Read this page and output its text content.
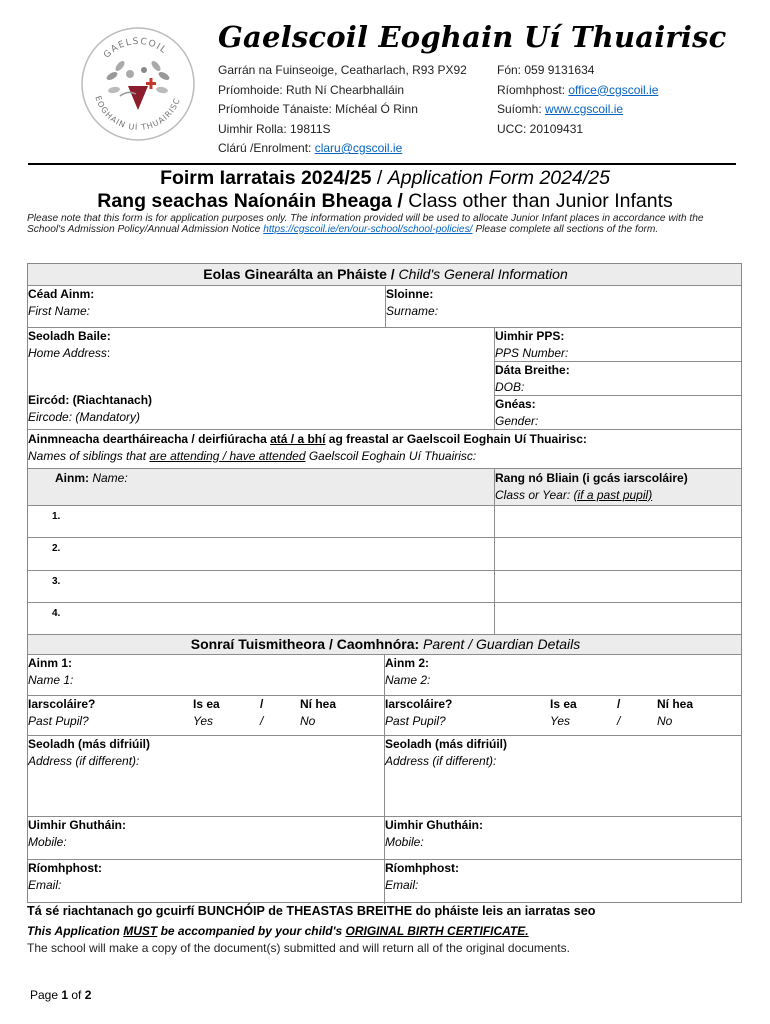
GAELSCOIL
EOGHAIN UÍ THUAIRISC
Gaelscoil Eoghain Uí Thuairisc
Garrán na Fuinseoige, Ceatharlach, R93 PX92
Príomhoide: Ruth Ní Chearbhalláin
Príomhoide Tánaiste: Míchéal Ó Rinn
Uimhir Rolla: 19811S
Clárú /Enrolment: claru@cgscoil.ie
Fón: 059 9131634
Ríomhphost: office@cgscoil.ie
Suíomh: www.cgscoil.ie
UCC: 20109431
Foirm Iarratais 2024/25 / Application Form 2024/25
Rang seachas Naíonáin Bheaga / Class other than Junior Infants
Please note that this form is for application purposes only. The information provided will be used to allocate Junior Infant places in accordance with the School's Admission Policy/Annual Admission Notice https://cgscoil.ie/en/our-school/school-policies/ Please complete all sections of the form.
Eolas Ginearálta an Pháiste / Child's General Information
Céad Ainm:
First Name:
Sloinne:
Surname:
Seoladh Baile:
Home Address:
Eircód: (Riachtanach)
Eircode: (Mandatory)
Uimhir PPS:
PPS Number:
Dáta Breithe:
DOB:
Gnéas:
Gender:
Ainmneacha deartháireacha / deirfiúracha atá / a bhí ag freastal ar Gaelscoil Eoghain Uí Thuairisc:
Names of siblings that are attending / have attended Gaelscoil Eoghain Uí Thuairisc:
Ainm: Name:	Rang nó Bliain (i gcás iarscoláire)
Class or Year: (if a past pupil)
1.
2.
3.
4.
Sonraí Tuismitheora / Caomhnóra: Parent / Guardian Details
Ainm 1:
Name 1:
Ainm 2:
Name 2:
Iarscoláire?
Past Pupil?
Is ea
Yes
/
/
Ní hea
No
Iarscoláire?
Past Pupil?
Is ea
Yes
/
/
Ní hea
No
Seoladh (más difriúil)
Address (if different):
Seoladh (más difriúil)
Address (if different):
Uimhir Ghutháin:
Mobile:
Uimhir Ghutháin:
Mobile:
Ríomhphost:
Email:
Ríomhphost:
Email:
Tá sé riachtanach go gcuirfí BUNCHÓIP de THEASTAS BREITHE do pháiste leis an iarratas seo
This Application MUST be accompanied by your child's ORIGINAL BIRTH CERTIFICATE.
The school will make a copy of the document(s) submitted and will return all of the original documents.
Page 1 of 2
